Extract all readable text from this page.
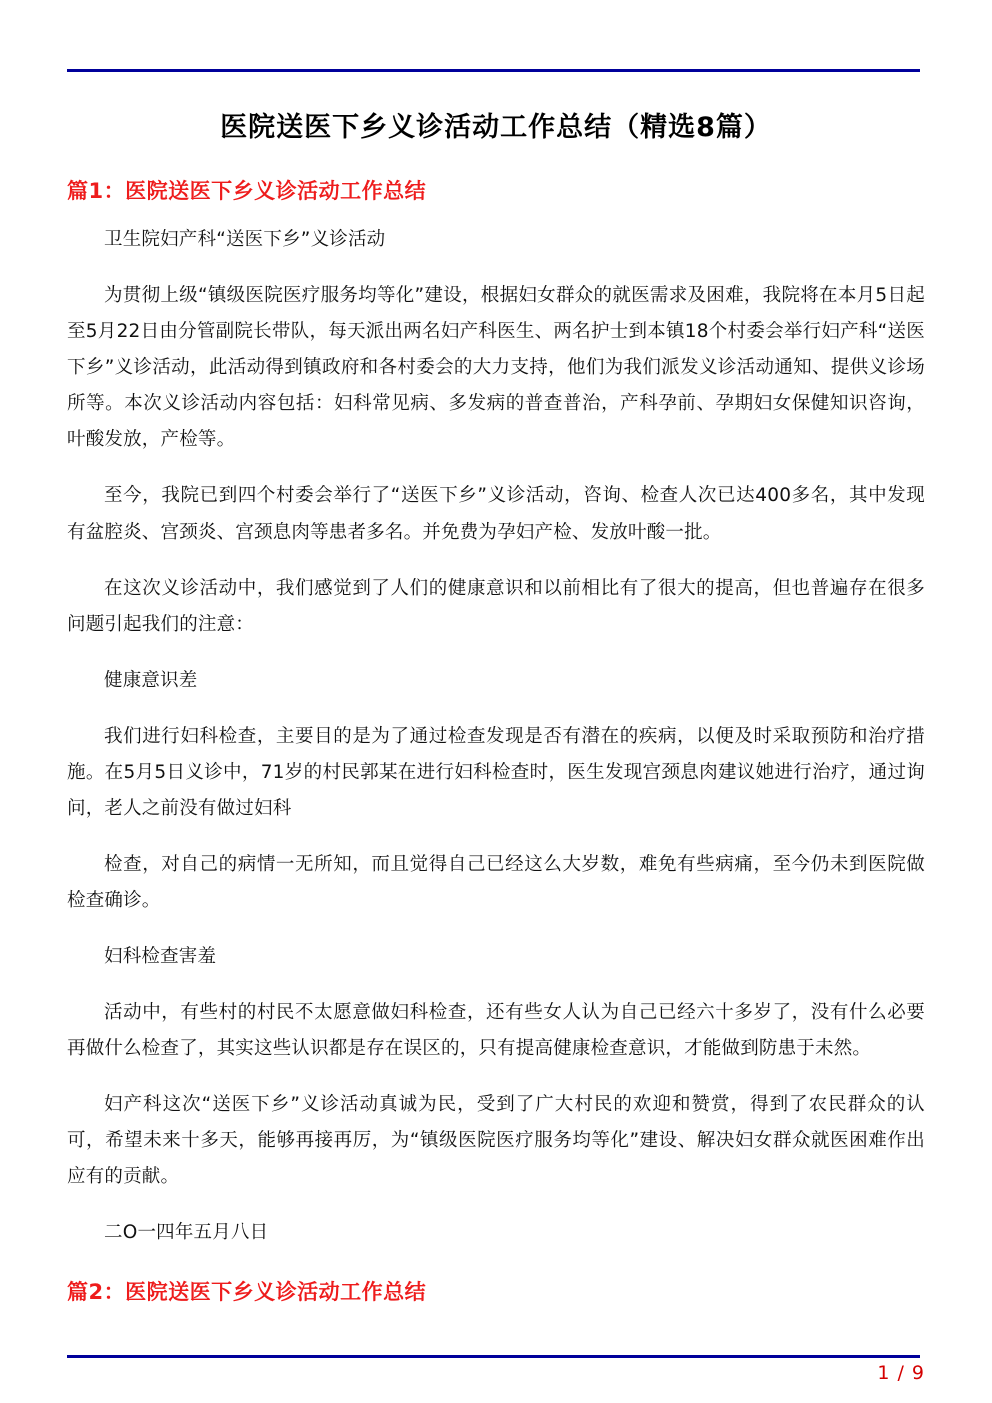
医院送医下乡义诊活动工作总结（精选8篇）
篇1：医院送医下乡义诊活动工作总结

卫生院妇产科“送医下乡”义诊活动

为贯彻上级“镇级医院医疗服务均等化”建设，根据妇女群众的就医需求及困难，我院将在本月5日起至5月22日由分管副院长带队，每天派出两名妇产科医生、两名护士到本镇18个村委会举行妇产科“送医下乡”义诊活动，此活动得到镇政府和各村委会的大力支持，他们为我们派发义诊活动通知、提供义诊场所等。本次义诊活动内容包括：妇科常见病、多发病的普查普治，产科孕前、孕期妇女保健知识咨询，叶酸发放，产检等。

至今，我院已到四个村委会举行了“送医下乡”义诊活动，咨询、检查人次已达400多名，其中发现有盆腔炎、宫颈炎、宫颈息肉等患者多名。并免费为孕妇产检、发放叶酸一批。

在这次义诊活动中，我们感觉到了人们的健康意识和以前相比有了很大的提高，但也普遍存在很多问题引起我们的注意：

健康意识差

我们进行妇科检查，主要目的是为了通过检查发现是否有潜在的疾病，以便及时采取预防和治疗措施。在5月5日义诊中，71岁的村民郭某在进行妇科检查时，医生发现宫颈息肉建议她进行治疗，通过询问，老人之前没有做过妇科

检查，对自己的病情一无所知，而且觉得自己已经这么大岁数，难免有些病痛，至今仍未到医院做检查确诊。

妇科检查害羞

活动中，有些村的村民不太愿意做妇科检查，还有些女人认为自己已经六十多岁了，没有什么必要再做什么检查了，其实这些认识都是存在误区的，只有提高健康检查意识，才能做到防患于未然。

妇产科这次“送医下乡”义诊活动真诚为民，受到了广大村民的欢迎和赞赏，得到了农民群众的认可，希望未来十多天，能够再接再厉，为“镇级医院医疗服务均等化”建设、解决妇女群众就医困难作出应有的贡献。

二O一四年五月八日

篇2：医院送医下乡义诊活动工作总结
1 / 9
